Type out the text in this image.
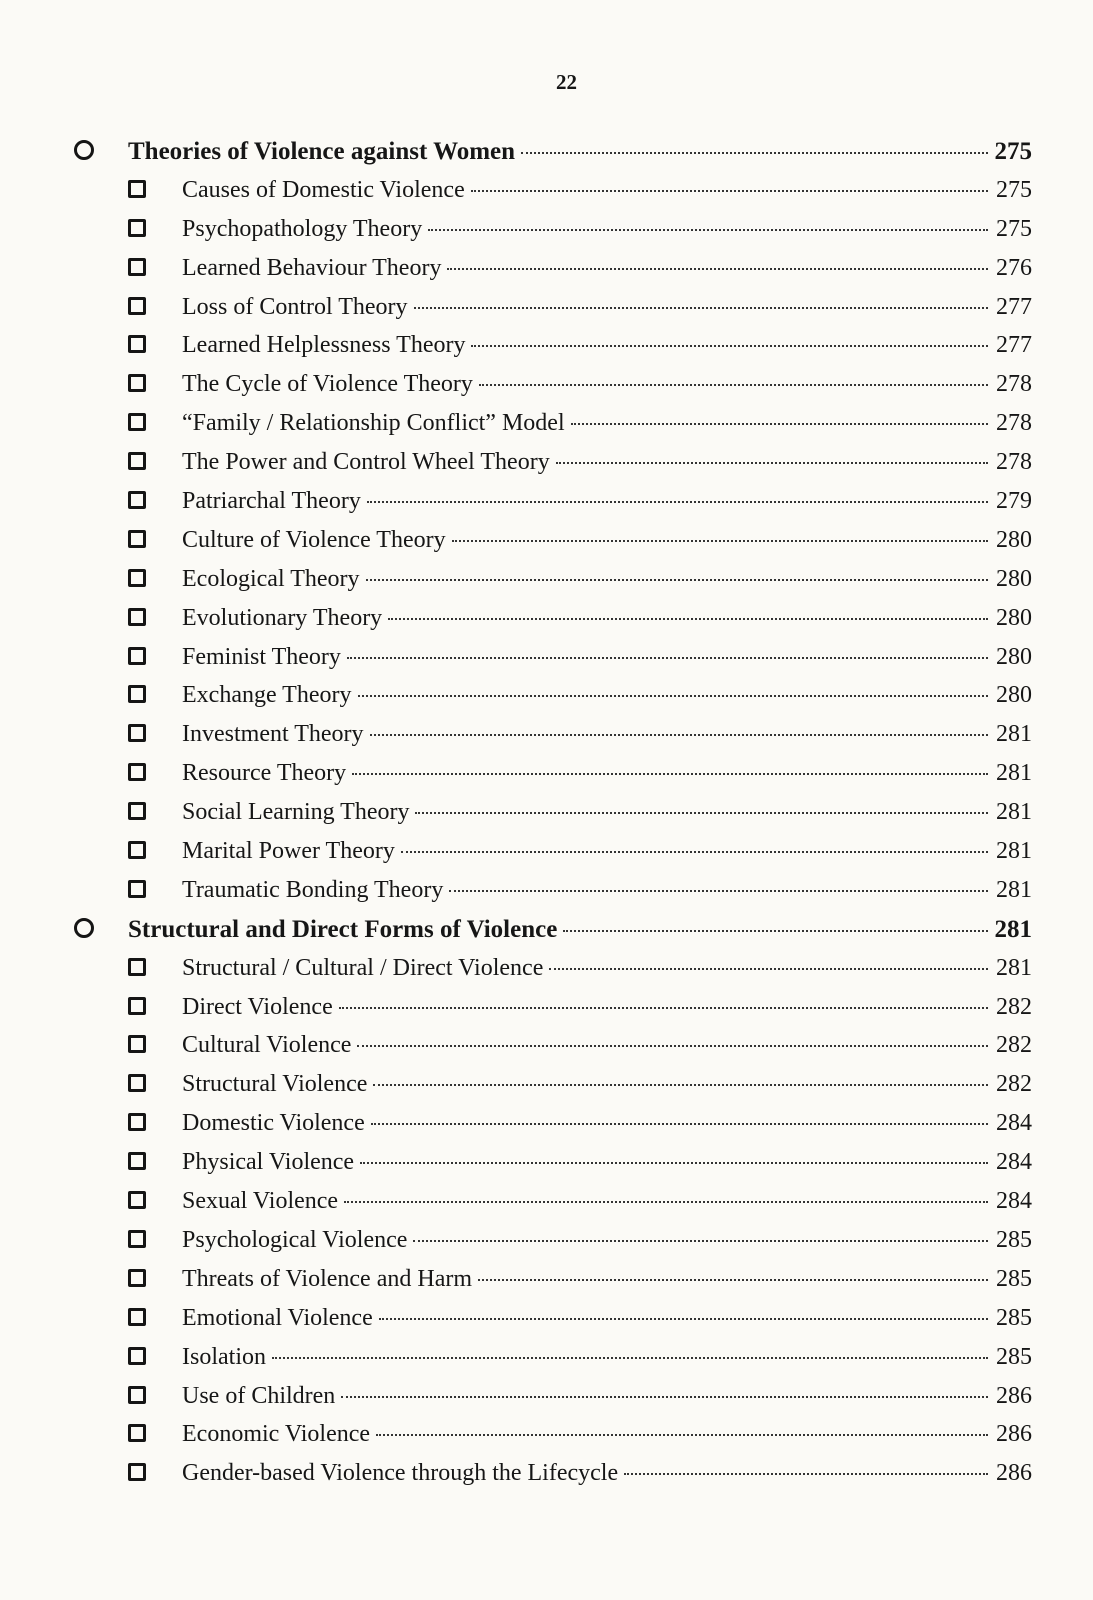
22
Theories of Violence against Women	275
Causes of Domestic Violence	275
Psychopathology Theory	275
Learned Behaviour Theory	276
Loss of Control Theory	277
Learned Helplessness Theory	277
The Cycle of Violence Theory	278
“Family / Relationship Conflict” Model	278
The Power and Control Wheel Theory	278
Patriarchal Theory	279
Culture of Violence Theory	280
Ecological Theory	280
Evolutionary Theory	280
Feminist Theory	280
Exchange Theory	280
Investment Theory	281
Resource Theory	281
Social Learning Theory	281
Marital Power Theory	281
Traumatic Bonding Theory	281
Structural and Direct Forms of Violence	281
Structural / Cultural / Direct Violence	281
Direct Violence	282
Cultural Violence	282
Structural Violence	282
Domestic Violence	284
Physical Violence	284
Sexual Violence	284
Psychological Violence	285
Threats of Violence and Harm	285
Emotional Violence	285
Isolation	285
Use of Children	286
Economic Violence	286
Gender-based Violence through the Lifecycle	286
